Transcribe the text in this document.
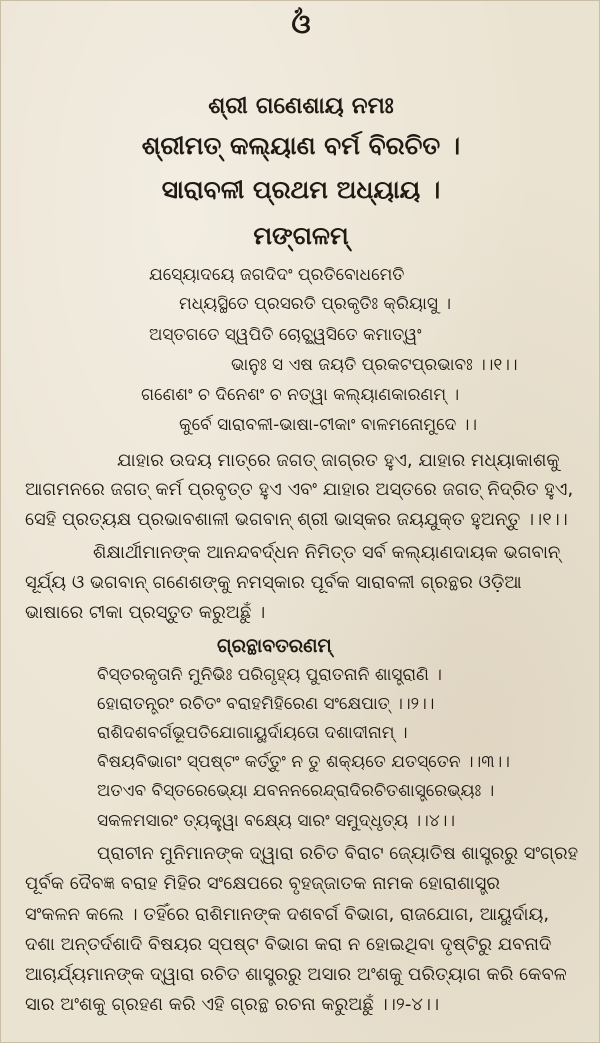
ଓଁ
ଶ୍ରୀ ଗଣେଶାୟ ନମଃ
ଶ୍ରୀମତ୍ କଲ୍ୟାଣ ବର୍ମ ବିରଚିତ ।
ସାରାବଳୀ ପ୍ରଥମ ଅଧ୍ୟାୟ ।
ମଙ୍ଗଳମ୍
ଯସ୍ୟୋଦୟେ ଜଗଦିଦଂ ପ୍ରତିବୋଧମେତି
ମଧ୍ୟସ୍ଥିତେ ପ୍ରସରତି ପ୍ରକୃତିଃ କ୍ରିୟାସୁ ।
ଅସ୍ତଗତେ ସ୍ୱପିତି ଚୋଚ୍ଛ୍ୱସିତେ କମାତ୍ୱଂ
ଭାନୁଃ ସ ଏଷ ଜୟତି ପ୍ରକଟପ୍ରଭାବଃ ।।୧।।
ଗଣେଶଂ ଚ ଦିନେଶଂ ଚ ନତ୍ୱା କଲ୍ୟାଣକାରଣମ୍ ।
କୁର୍ବେ ସାରାବଳୀ-ଭାଷା-ଟୀକାଂ ବାଳମନୋମୁଦେ ।।
ଯାହାର ଉଦୟ ମାତ୍ରେ ଜଗତ୍ ଜାଗ୍ରତ ହୁଏ, ଯାହାର ମଧ୍ୟାକାଶକୁ
ଆଗମନରେ ଜଗତ୍ କର୍ମ ପ୍ରବୃତ୍ତ ହୁଏ ଏବଂ ଯାହାର ଅସ୍ତରେ ଜଗତ୍ ନିଦ୍ରିତ ହୁଏ,
ସେହି ପ୍ରତ୍ୟକ୍ଷ ପ୍ରଭାବଶାଳୀ ଭଗବାନ୍ ଶ୍ରୀ ଭାସ୍କର ଜୟଯୁକ୍ତ ହୁଅନ୍ତୁ ।।୧।।
ଶିକ୍ଷାର୍ଥୀମାନଙ୍କ ଆନନ୍ଦବର୍ଦ୍ଧନ ନିମିତ୍ତ ସର୍ବ କଲ୍ୟାଣଦାୟକ ଭଗବାନ୍
ସୂର୍ଯ୍ୟ ଓ ଭଗବାନ୍ ଗଣେଶଙ୍କୁ ନମସ୍କାର ପୂର୍ବକ ସାରାବଳୀ ଗ୍ରନ୍ଥର ଓଡ଼ିଆ
ଭାଷାରେ ଟୀକା ପ୍ରସ୍ତୁତ କରୁଅଛୁଁ ।
ଗ୍ରନ୍ଥାବତରଣମ୍
ବିସ୍ତରକୃତାନି ମୁନିଭିଃ ପରିଗୃହ୍ୟ ପୁରାତନାନି ଶାସ୍ତ୍ରାଣି ।
ହୋରାତନ୍ତ୍ରଂ ରଚିତଂ ବରାହମିହିରେଣ ସଂକ୍ଷେପାତ୍ ।।୨।।
ରାଶିଦଶବର୍ଗଭୂପତିଯୋଗାୟୁର୍ଦାୟତୋ ଦଶାଦୀନାମ୍ ।
ବିଷୟବିଭାଗଂ ସ୍ପଷ୍ଟଂ କର୍ତ୍ତୁଂ ନ ତୁ ଶକ୍ୟତେ ଯତସ୍ତେନ ।।୩।।
ଅତଏବ ବିସ୍ତରେଭ୍ୟୋ ଯବନନରେନ୍ଦ୍ରାଦିରଚିତଶାସ୍ତ୍ରେଭ୍ୟଃ ।
ସକଳମସାରଂ ତ୍ୟକ୍ତ୍ୱା ବକ୍ଷ୍ୟେ ସାରଂ ସମୁଦ୍ଧୃତ୍ୟ ।।୪।।
ପ୍ରାଚୀନ ମୁନିମାନଙ୍କ ଦ୍ୱାରା ରଚିତ ବିରାଟ ଜ୍ୟୋତିଷ ଶାସ୍ତ୍ରରୁ ସଂଗ୍ରହ
ପୂର୍ବକ ଦୈବଜ୍ଞ ବରାହ ମିହିର ସଂକ୍ଷେପରେ ବୃହଜ୍ଜାତକ ନାମକ ହୋରାଶାସ୍ତ୍ର
ସଂକଳନ କଲେ । ତହିଁରେ ରାଶିମାନଙ୍କ ଦଶବର୍ଗ ବିଭାଗ, ରାଜଯୋଗ, ଆୟୁର୍ଦାୟ,
ଦଶା ଅନ୍ତର୍ଦଶାଦି ବିଷୟର ସ୍ପଷ୍ଟ ବିଭାଗ କରା ନ ହୋଇଥିବା ଦୃଷ୍ଟିରୁ ଯବନାଦି
ଆଚାର୍ଯ୍ୟମାନଙ୍କ ଦ୍ୱାରା ରଚିତ ଶାସ୍ତ୍ରରୁ ଅସାର ଅଂଶକୁ ପରିତ୍ୟାଗ କରି କେବଳ
ସାର ଅଂଶକୁ ଗ୍ରହଣ କରି ଏହି ଗ୍ରନ୍ଥ ରଚନା କରୁଅଛୁଁ ।।୨-୪।।
